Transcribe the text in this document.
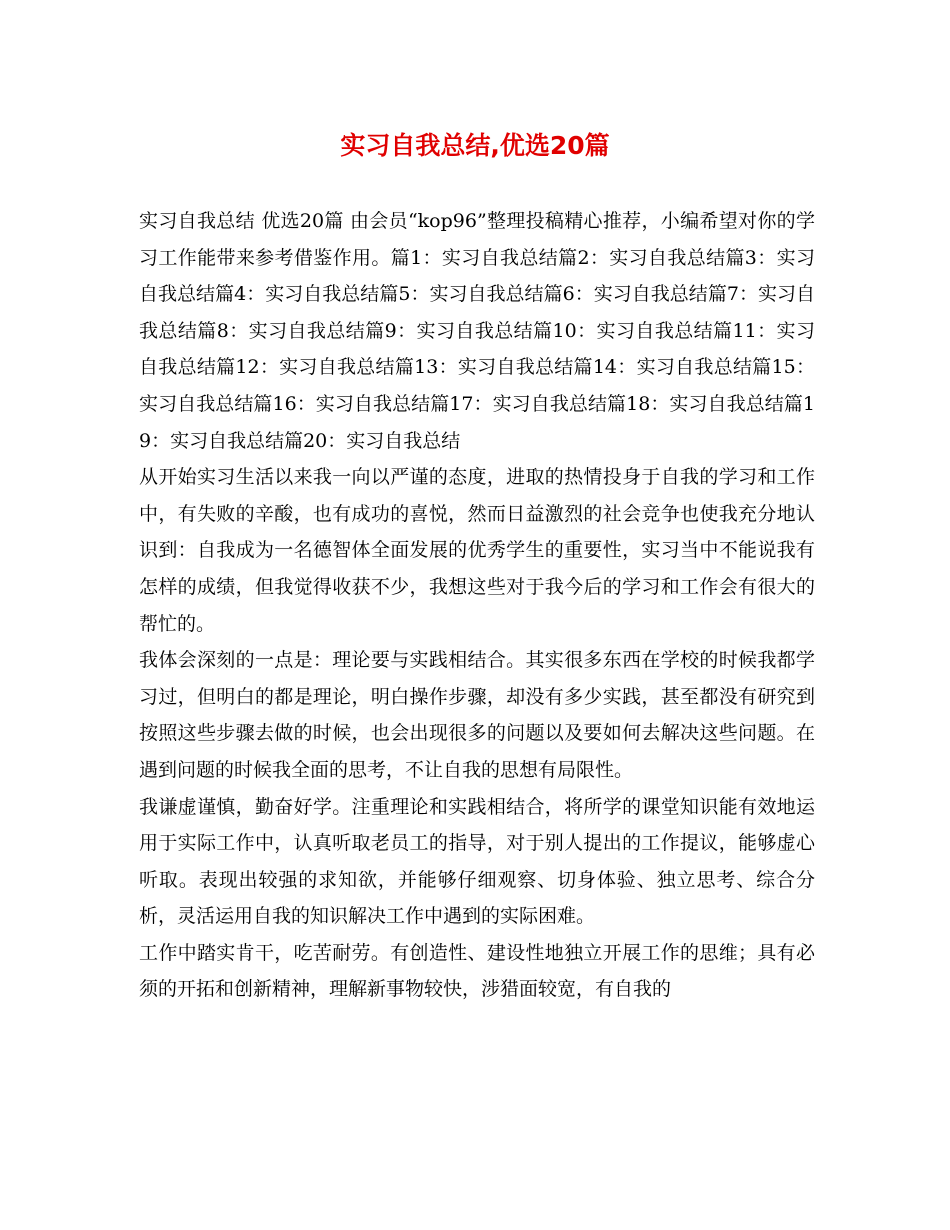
实习自我总结,优选20篇

实习自我总结 优选20篇 由会员“kop96”整理投稿精心推荐，小编希望对你的学习工作能带来参考借鉴作用。篇1：实习自我总结篇2：实习自我总结篇3：实习自我总结篇4：实习自我总结篇5：实习自我总结篇6：实习自我总结篇7：实习自我总结篇8：实习自我总结篇9：实习自我总结篇10：实习自我总结篇11：实习自我总结篇12：实习自我总结篇13：实习自我总结篇14：实习自我总结篇15：实习自我总结篇16：实习自我总结篇17：实习自我总结篇18：实习自我总结篇19：实习自我总结篇20：实习自我总结

从开始实习生活以来我一向以严谨的态度，进取的热情投身于自我的学习和工作中，有失败的辛酸，也有成功的喜悦，然而日益激烈的社会竞争也使我充分地认识到：自我成为一名德智体全面发展的优秀学生的重要性，实习当中不能说我有怎样的成绩，但我觉得收获不少，我想这些对于我今后的学习和工作会有很大的帮忙的。

我体会深刻的一点是：理论要与实践相结合。其实很多东西在学校的时候我都学习过，但明白的都是理论，明白操作步骤，却没有多少实践，甚至都没有研究到按照这些步骤去做的时候，也会出现很多的问题以及要如何去解决这些问题。在遇到问题的时候我全面的思考，不让自我的思想有局限性。

我谦虚谨慎，勤奋好学。注重理论和实践相结合，将所学的课堂知识能有效地运用于实际工作中，认真听取老员工的指导，对于别人提出的工作提议，能够虚心听取。表现出较强的求知欲，并能够仔细观察、切身体验、独立思考、综合分析，灵活运用自我的知识解决工作中遇到的实际困难。

工作中踏实肯干，吃苦耐劳。有创造性、建设性地独立开展工作的思维；具有必须的开拓和创新精神，理解新事物较快，涉猎面较宽，有自我的
